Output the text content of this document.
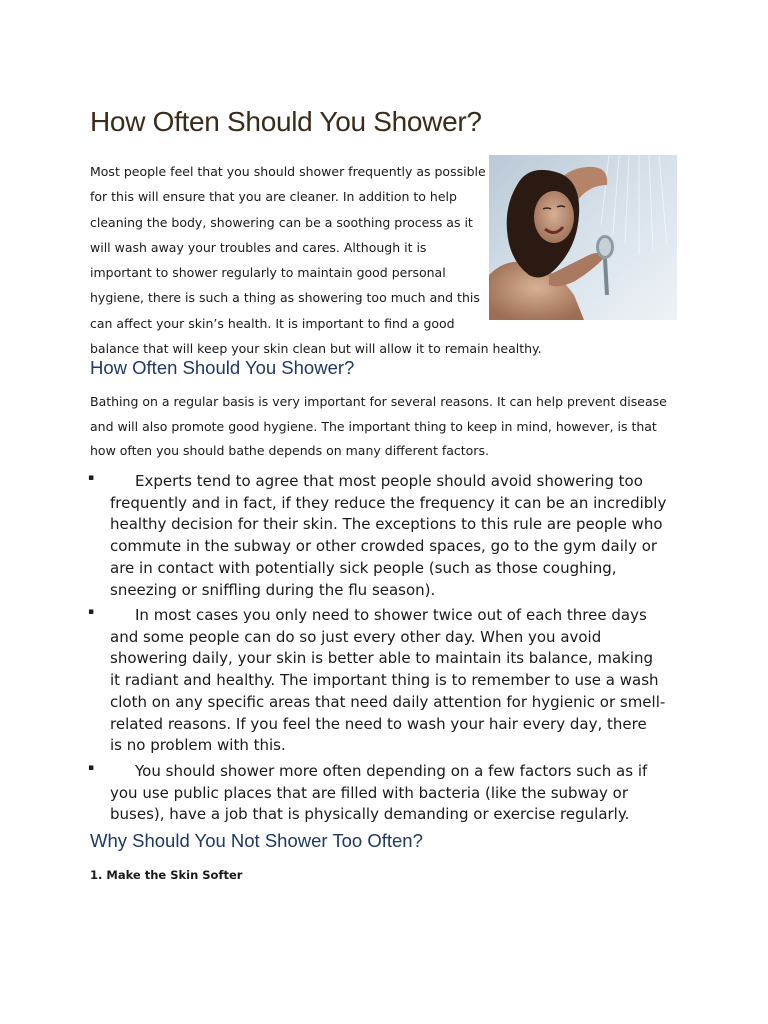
How Often Should You Shower?

Most people feel that you should shower frequently as possible
for this will ensure that you are cleaner. In addition to help
cleaning the body, showering can be a soothing process as it
will wash away your troubles and cares. Although it is
important to shower regularly to maintain good personal
hygiene, there is such a thing as showering too much and this
can affect your skin’s health. It is important to find a good
balance that will keep your skin clean but will allow it to remain healthy.

How Often Should You Shower?

Bathing on a regular basis is very important for several reasons. It can help prevent disease
and will also promote good hygiene. The important thing to keep in mind, however, is that
how often you should bathe depends on many different factors.

▪	Experts tend to agree that most people should avoid showering too
frequently and in fact, if they reduce the frequency it can be an incredibly
healthy decision for their skin. The exceptions to this rule are people who
commute in the subway or other crowded spaces, go to the gym daily or
are in contact with potentially sick people (such as those coughing,
sneezing or sniffling during the flu season).
▪	In most cases you only need to shower twice out of each three days
and some people can do so just every other day. When you avoid
showering daily, your skin is better able to maintain its balance, making
it radiant and healthy. The important thing is to remember to use a wash
cloth on any specific areas that need daily attention for hygienic or smell-
related reasons. If you feel the need to wash your hair every day, there
is no problem with this.
▪	You should shower more often depending on a few factors such as if
you use public places that are filled with bacteria (like the subway or
buses), have a job that is physically demanding or exercise regularly.
Why Should You Not Shower Too Often?

1. Make the Skin Softer
